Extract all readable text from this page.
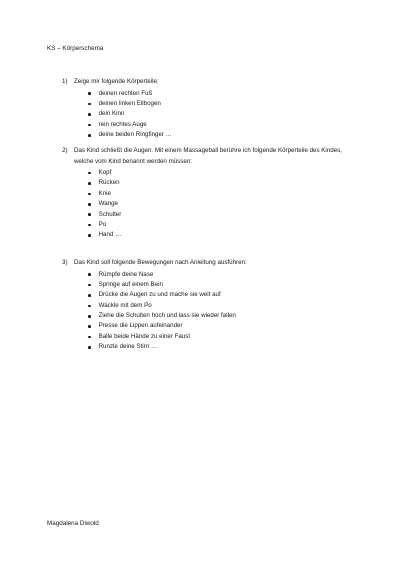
KS – Körperschema
1)	Zeige mir folgende Körperteile:
deinen rechten Fuß
deinen linken Ellbogen
dein Kinn
rein rechtes Auge
deine beiden Ringfinger …
2)	Das Kind schließt die Augen. Mit einem Massageball berühre ich folgende Körperteile des Kindes, welche vom Kind benannt werden müssen:
Kopf
Rücken
Knie
Wange
Schulter
Po
Hand …
3)	Das Kind soll folgende Bewegungen nach Anleitung ausführen:
Rümpfe deine Nase
Springe auf einem Bein
Drücke die Augen zu und mache sie weit auf
Wackle mit dem Po
Ziehe die Schulten hoch und lass sie wieder fallen
Presse die Lippen aufeinander
Balle beide Hände zu einer Faust
Runzle deine Stirn …
Magdalena Diwold
